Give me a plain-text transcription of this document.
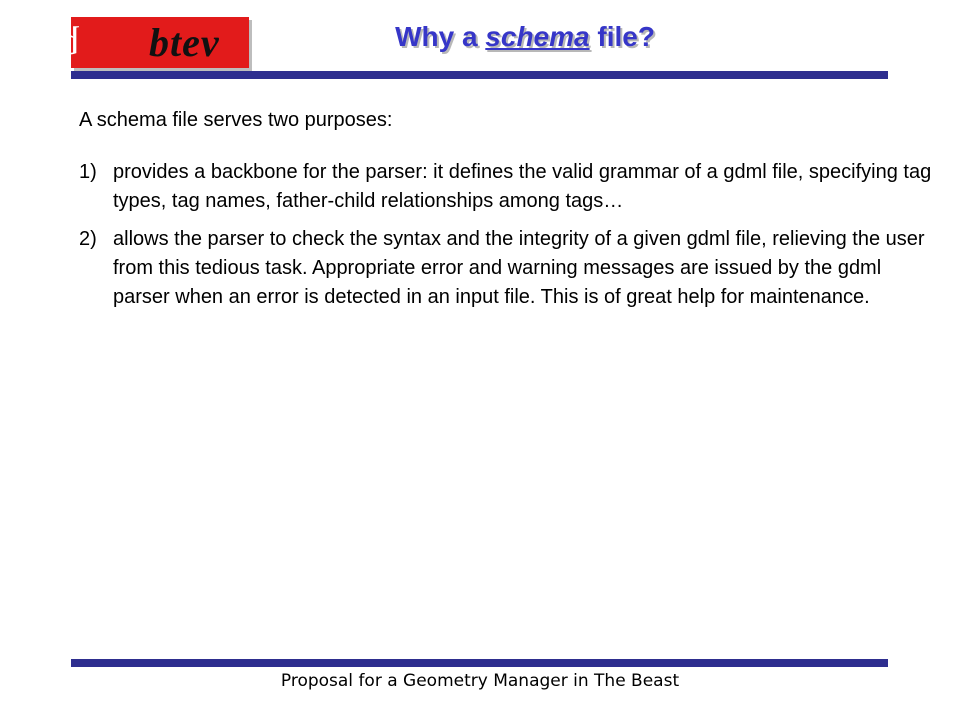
btev btev	Why a schema file?

A schema file serves two purposes:

1) provides a backbone for the parser: it defines the valid grammar of a gdml file, specifying tag types, tag names, father-child relationships among tags…
2) allows the parser to check the syntax and the integrity of a given gdml file, relieving the user from this tedious task. Appropriate error and warning messages are issued by the gdml parser when an error is detected in an input file. This is of great help for maintenance.
Proposal for a Geometry Manager in The Beast
